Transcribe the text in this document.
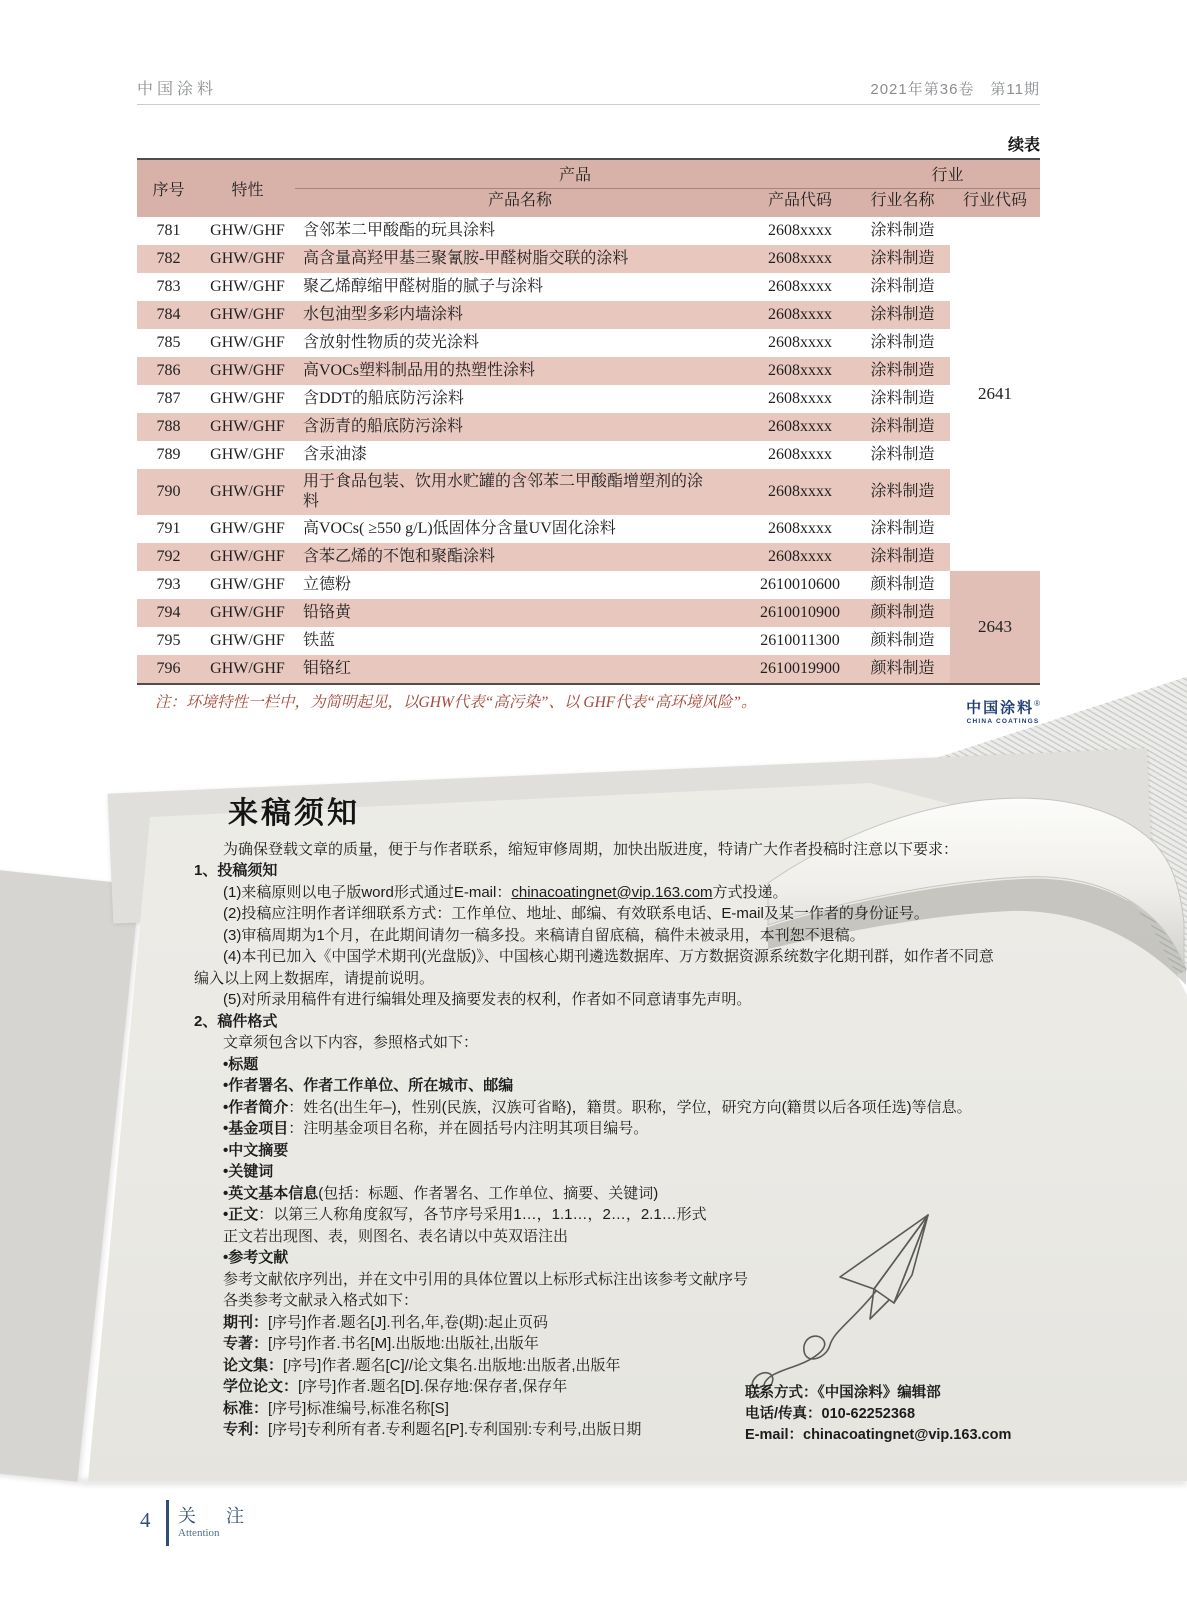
中国涂料	2021年第36卷　第11期
续表
序号	特性	产品		行业	
		产品名称	产品代码	行业名称	行业代码
781	GHW/GHF	含邻苯二甲酸酯的玩具涂料	2608xxxx	涂料制造	2641
782	GHW/GHF	高含量高羟甲基三聚氰胺-甲醛树脂交联的涂料	2608xxxx	涂料制造	
783	GHW/GHF	聚乙烯醇缩甲醛树脂的腻子与涂料	2608xxxx	涂料制造	
784	GHW/GHF	水包油型多彩内墙涂料	2608xxxx	涂料制造	
785	GHW/GHF	含放射性物质的荧光涂料	2608xxxx	涂料制造	
786	GHW/GHF	高VOCs塑料制品用的热塑性涂料	2608xxxx	涂料制造	
787	GHW/GHF	含DDT的船底防污涂料	2608xxxx	涂料制造	
788	GHW/GHF	含沥青的船底防污涂料	2608xxxx	涂料制造	
789	GHW/GHF	含汞油漆	2608xxxx	涂料制造	
790	GHW/GHF	用于食品包装、饮用水贮罐的含邻苯二甲酸酯增塑剂的涂料	2608xxxx	涂料制造	
791	GHW/GHF	高VOCs( ≥550 g/L)低固体分含量UV固化涂料	2608xxxx	涂料制造	
792	GHW/GHF	含苯乙烯的不饱和聚酯涂料	2608xxxx	涂料制造	
793	GHW/GHF	立德粉	2610010600	颜料制造	2643
794	GHW/GHF	铅铬黄	2610010900	颜料制造	
795	GHW/GHF	铁蓝	2610011300	颜料制造	
796	GHW/GHF	钼铬红	2610019900	颜料制造	
注：环境特性一栏中，为简明起见，以GHW代表“高污染”、以 GHF代表“高环境风险”。	中国涂料®
CHINA COATINGS
来稿须知

为确保登载文章的质量，便于与作者联系，缩短审修周期，加快出版进度，特请广大作者投稿时注意以下要求：

1、投稿须知

(1)来稿原则以电子版word形式通过E-mail：chinacoatingnet@vip.163.com方式投递。

(2)投稿应注明作者详细联系方式：工作单位、地址、邮编、有效联系电话、E-mail及某一作者的身份证号。

(3)审稿周期为1个月，在此期间请勿一稿多投。来稿请自留底稿，稿件未被录用，本刊恕不退稿。

(4)本刊已加入《中国学术期刊(光盘版)》、中国核心期刊遴选数据库、万方数据资源系统数字化期刊群，如作者不同意编入以上网上数据库，请提前说明。

(5)对所录用稿件有进行编辑处理及摘要发表的权利，作者如不同意请事先声明。

2、稿件格式

文章须包含以下内容，参照格式如下：

•标题

•作者署名、作者工作单位、所在城市、邮编

•作者简介：姓名(出生年–)，性别(民族，汉族可省略)，籍贯。职称，学位，研究方向(籍贯以后各项任选)等信息。

•基金项目：注明基金项目名称，并在圆括号内注明其项目编号。

•中文摘要

•关键词

•英文基本信息(包括：标题、作者署名、工作单位、摘要、关键词)

•正文：以第三人称角度叙写，各节序号采用1…，1.1…，2…，2.1…形式

正文若出现图、表，则图名、表名请以中英双语注出

•参考文献

参考文献依序列出，并在文中引用的具体位置以上标形式标注出该参考文献序号

各类参考文献录入格式如下：

期刊：[序号]作者.题名[J].刊名,年,卷(期):起止页码

专著：[序号]作者.书名[M].出版地:出版社,出版年

论文集：[序号]作者.题名[C]//论文集名.出版地:出版者,出版年

学位论文：[序号]作者.题名[D].保存地:保存者,保存年

标准：[序号]标准编号,标准名称[S]

专利：[序号]专利所有者.专利题名[P].专利国别:专利号,出版日期

联系方式：《中国涂料》编辑部
电话/传真：010-62252368
E-mail：chinacoatingnet@vip.163.com
4 关　注
Attention
